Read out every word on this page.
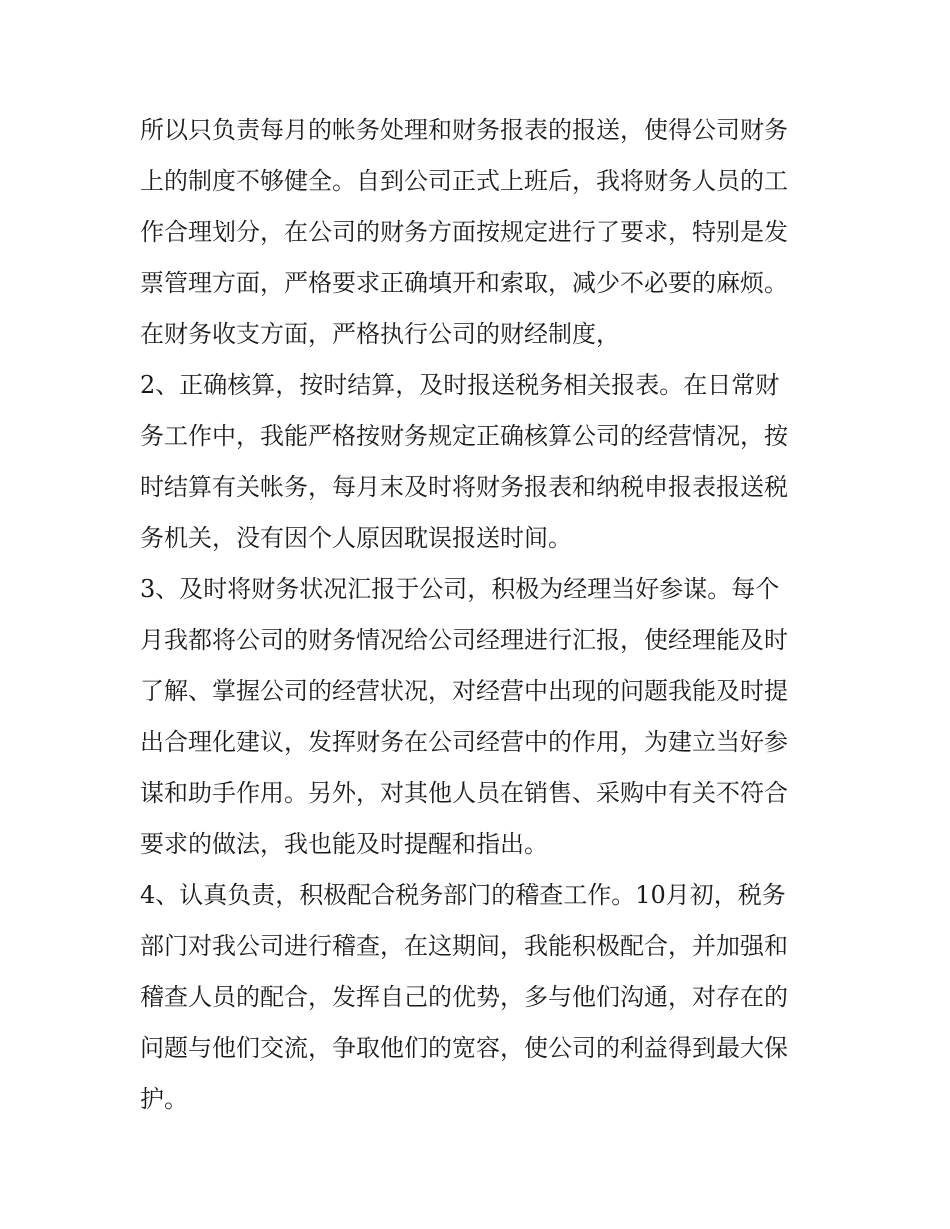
所以只负责每月的帐务处理和财务报表的报送，使得公司财务
上的制度不够健全。自到公司正式上班后，我将财务人员的工
作合理划分，在公司的财务方面按规定进行了要求，特别是发
票管理方面，严格要求正确填开和索取，减少不必要的麻烦。
在财务收支方面，严格执行公司的财经制度，
2、正确核算，按时结算，及时报送税务相关报表。在日常财
务工作中，我能严格按财务规定正确核算公司的经营情况，按
时结算有关帐务，每月末及时将财务报表和纳税申报表报送税
务机关，没有因个人原因耽误报送时间。
3、及时将财务状况汇报于公司，积极为经理当好参谋。每个
月我都将公司的财务情况给公司经理进行汇报，使经理能及时
了解、掌握公司的经营状况，对经营中出现的问题我能及时提
出合理化建议，发挥财务在公司经营中的作用，为建立当好参
谋和助手作用。另外，对其他人员在销售、采购中有关不符合
要求的做法，我也能及时提醒和指出。
4、认真负责，积极配合税务部门的稽查工作。10月初，税务
部门对我公司进行稽查，在这期间，我能积极配合，并加强和
稽查人员的配合，发挥自己的优势，多与他们沟通，对存在的
问题与他们交流，争取他们的宽容，使公司的利益得到最大保
护。
